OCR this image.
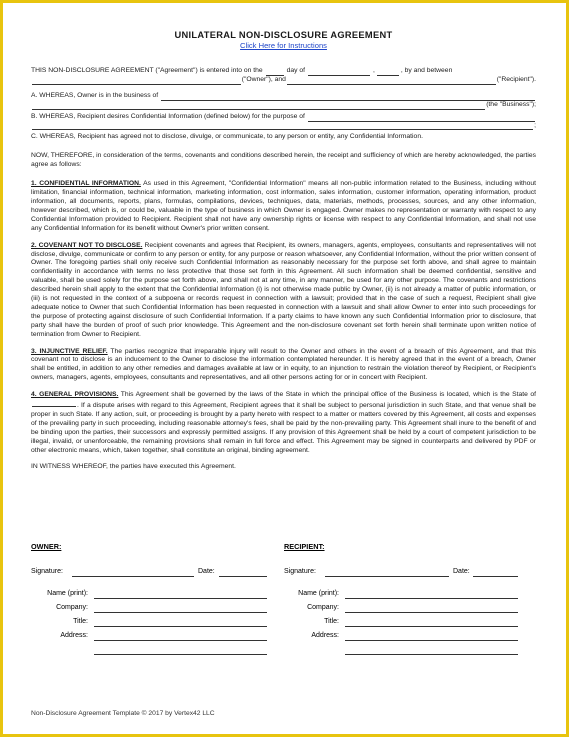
UNILATERAL NON-DISCLOSURE AGREEMENT
Click Here for Instructions
THIS NON-DISCLOSURE AGREEMENT ("Agreement") is entered into on the	day of	,	, by and between
("Owner"), and	("Recipient").
A. WHEREAS, Owner is in the business of
(the "Business");
B. WHEREAS, Recipient desires Confidential Information (defined below) for the purpose of
;

C. WHEREAS, Recipient has agreed not to disclose, divulge, or communicate, to any person or entity, any Confidential Information.

NOW, THEREFORE, in consideration of the terms, covenants and conditions described herein, the receipt and sufficiency of which are hereby acknowledged, the parties agree as follows:

1. CONFIDENTIAL INFORMATION. As used in this Agreement, "Confidential Information" means all non-public information related to the Business, including without limitation, financial information, technical information, marketing information, cost information, sales information, customer information, operating information, product information, all documents, reports, plans, formulas, compilations, devices, techniques, data, materials, methods, processes, sources, and any other information, however described, which is, or could be, valuable in the type of business in which Owner is engaged. Owner makes no representation or warranty with respect to any Confidential Information provided to Recipient. Recipient shall not have any ownership rights or license with respect to any Confidential Information, and shall not use any Confidential Information for its benefit without Owner's prior written consent.

2. COVENANT NOT TO DISCLOSE. Recipient covenants and agrees that Recipient, its owners, managers, agents, employees, consultants and representatives will not disclose, divulge, communicate or confirm to any person or entity, for any purpose or reason whatsoever, any Confidential Information, without the prior written consent of Owner. The foregoing parties shall only receive such Confidential Information as reasonably necessary for the purpose set forth above, and shall agree to maintain confidentiality in accordance with terms no less protective that those set forth in this Agreement. All such information shall be deemed confidential, sensitive and valuable, shall be used solely for the purpose set forth above, and shall not at any time, in any manner, be used for any other purpose. The covenants and restrictions described herein shall apply to the extent that the Confidential Information (i) is not otherwise made public by Owner, (ii) is not already a matter of public information, or (iii) is not requested in the context of a subpoena or records request in connection with a lawsuit; provided that in the case of such a request, Recipient shall give adequate notice to Owner that such Confidential Information has been requested in connection with a lawsuit and shall allow Owner to enter into such proceedings for the purpose of protecting against disclosure of such Confidential Information. If a party claims to have known any such Confidential Information prior to disclosure, that party shall have the burden of proof of such prior knowledge. This Agreement and the non-disclosure covenant set forth herein shall terminate upon written notice of termination from Owner to Recipient.

3. INJUNCTIVE RELIEF. The parties recognize that irreparable injury will result to the Owner and others in the event of a breach of this Agreement, and that this covenant not to disclose is an inducement to the Owner to disclose the information contemplated hereunder. It is hereby agreed that in the event of a breach, Owner shall be entitled, in addition to any other remedies and damages available at law or in equity, to an injunction to restrain the violation thereof by Recipient, or Recipient's owners, managers, agents, employees, consultants and representatives, and all other persons acting for or in concert with Recipient.

4. GENERAL PROVISIONS. This Agreement shall be governed by the laws of the State in which the principal office of the Business is located, which is the State of. If a dispute arises with regard to this Agreement, Recipient agrees that it shall be subject to personal jurisdiction in such State, and that venue shall be proper in such State. If any action, suit, or proceeding is brought by a party hereto with respect to a matter or matters covered by this Agreement, all costs and expenses of the prevailing party in such proceeding, including reasonable attorney's fees, shall be paid by the non-prevailing party. This Agreement shall inure to the benefit of and be binding upon the parties, their successors and expressly permitted assigns. If any provision of this Agreement shall be held by a court of competent jurisdiction to be illegal, invalid, or unenforceable, the remaining provisions shall remain in full force and effect. This Agreement may be signed in counterparts and delivered by PDF or other electronic means, which, taken together, shall constitute an original, binding agreement.

IN WITNESS WHEREOF, the parties have executed this Agreement.

OWNER:
Signature:	Date:
Name (print):
Company:
Title:
Address:
RECIPIENT:
Signature:	Date:
Name (print):
Company:
Title:
Address:
Non-Disclosure Agreement Template © 2017 by Vertex42 LLC
